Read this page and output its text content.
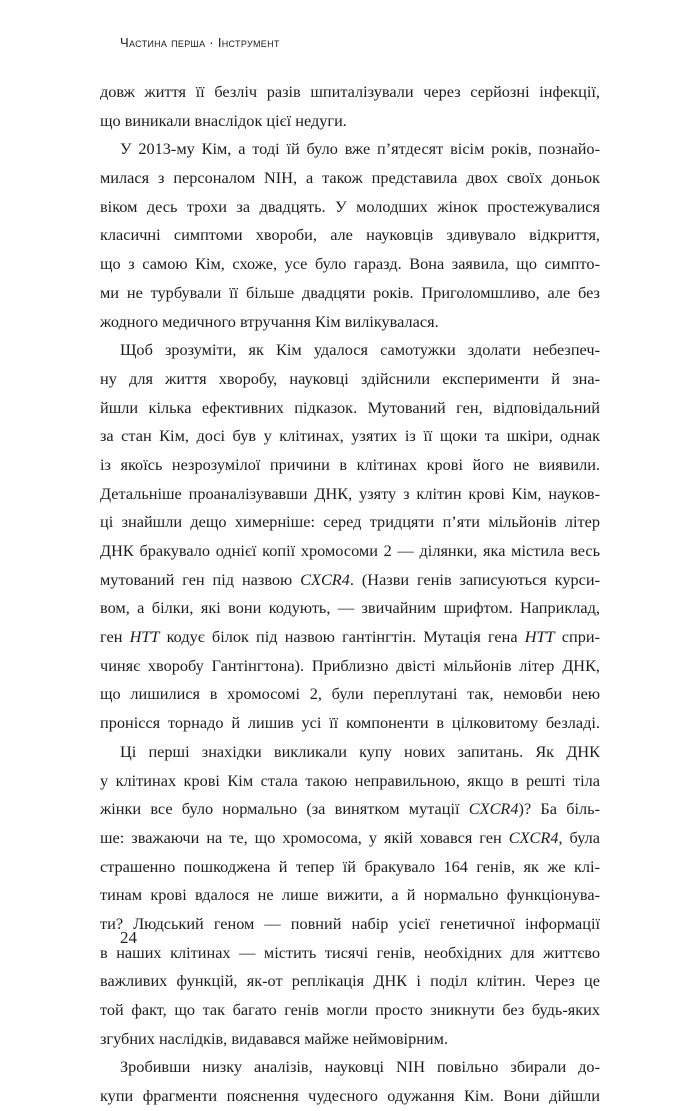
Частина перша · Інструмент
довж життя її безліч разів шпиталізували через серйозні інфекції,
що виникали внаслідок цієї недуги.
У 2013-му Кім, а тоді їй було вже п’ятдесят вісім років, познайо-
милася з персоналом NIH, а також представила двох своїх доньок
віком десь трохи за двадцять. У молодших жінок простежувалися
класичні симптоми хвороби, але науковців здивувало відкриття,
що з самою Кім, схоже, усе було гаразд. Вона заявила, що симпто-
ми не турбували її більше двадцяти років. Приголомшливо, але без
жодного медичного втручання Кім вилікувалася.
Щоб зрозуміти, як Кім удалося самотужки здолати небезпеч-
ну для життя хворобу, науковці здійснили експерименти й зна-
йшли кілька ефективних підказок. Мутований ген, відповідальний
за стан Кім, досі був у клітинах, узятих із її щоки та шкіри, однак
із якоїсь незрозумілої причини в клітинах крові його не виявили.
Детальніше проаналізувавши ДНК, узяту з клітин крові Кім, науков-
ці знайшли дещо химерніше: серед тридцяти п’яти мільйонів літер
ДНК бракувало однієї копії хромосоми 2 — ділянки, яка містила весь
мутований ген під назвою CXCR4. (Назви генів записуються курси-
вом, а білки, які вони кодують, — звичайним шрифтом. Наприклад,
ген HTT кодує білок під назвою гантінгтін. Мутація гена HTT спри-
чиняє хворобу Гантінгтона). Приблизно двісті мільйонів літер ДНК,
що лишилися в хромосомі 2, були переплутані так, немовби нею
пронісся торнадо й лишив усі її компоненти в цілковитому безладі.
Ці перші знахідки викликали купу нових запитань. Як ДНК
у клітинах крові Кім стала такою неправильною, якщо в решті тіла
жінки все було нормально (за винятком мутації CXCR4)? Ба біль-
ше: зважаючи на те, що хромосома, у якій ховався ген CXCR4, була
страшенно пошкоджена й тепер їй бракувало 164 генів, як же клі-
тинам крові вдалося не лише вижити, а й нормально функціонува-
ти? Людський геном — повний набір усієї генетичної інформації
в наших клітинах — містить тисячі генів, необхідних для життєво
важливих функцій, як-от реплікація ДНК і поділ клітин. Через це
той факт, що так багато генів могли просто зникнути без будь-яких
згубних наслідків, видавався майже неймовірним.
Зробивши низку аналізів, науковці NIH повільно збирали до-
купи фрагменти пояснення чудесного одужання Кім. Вони дійшли
24
